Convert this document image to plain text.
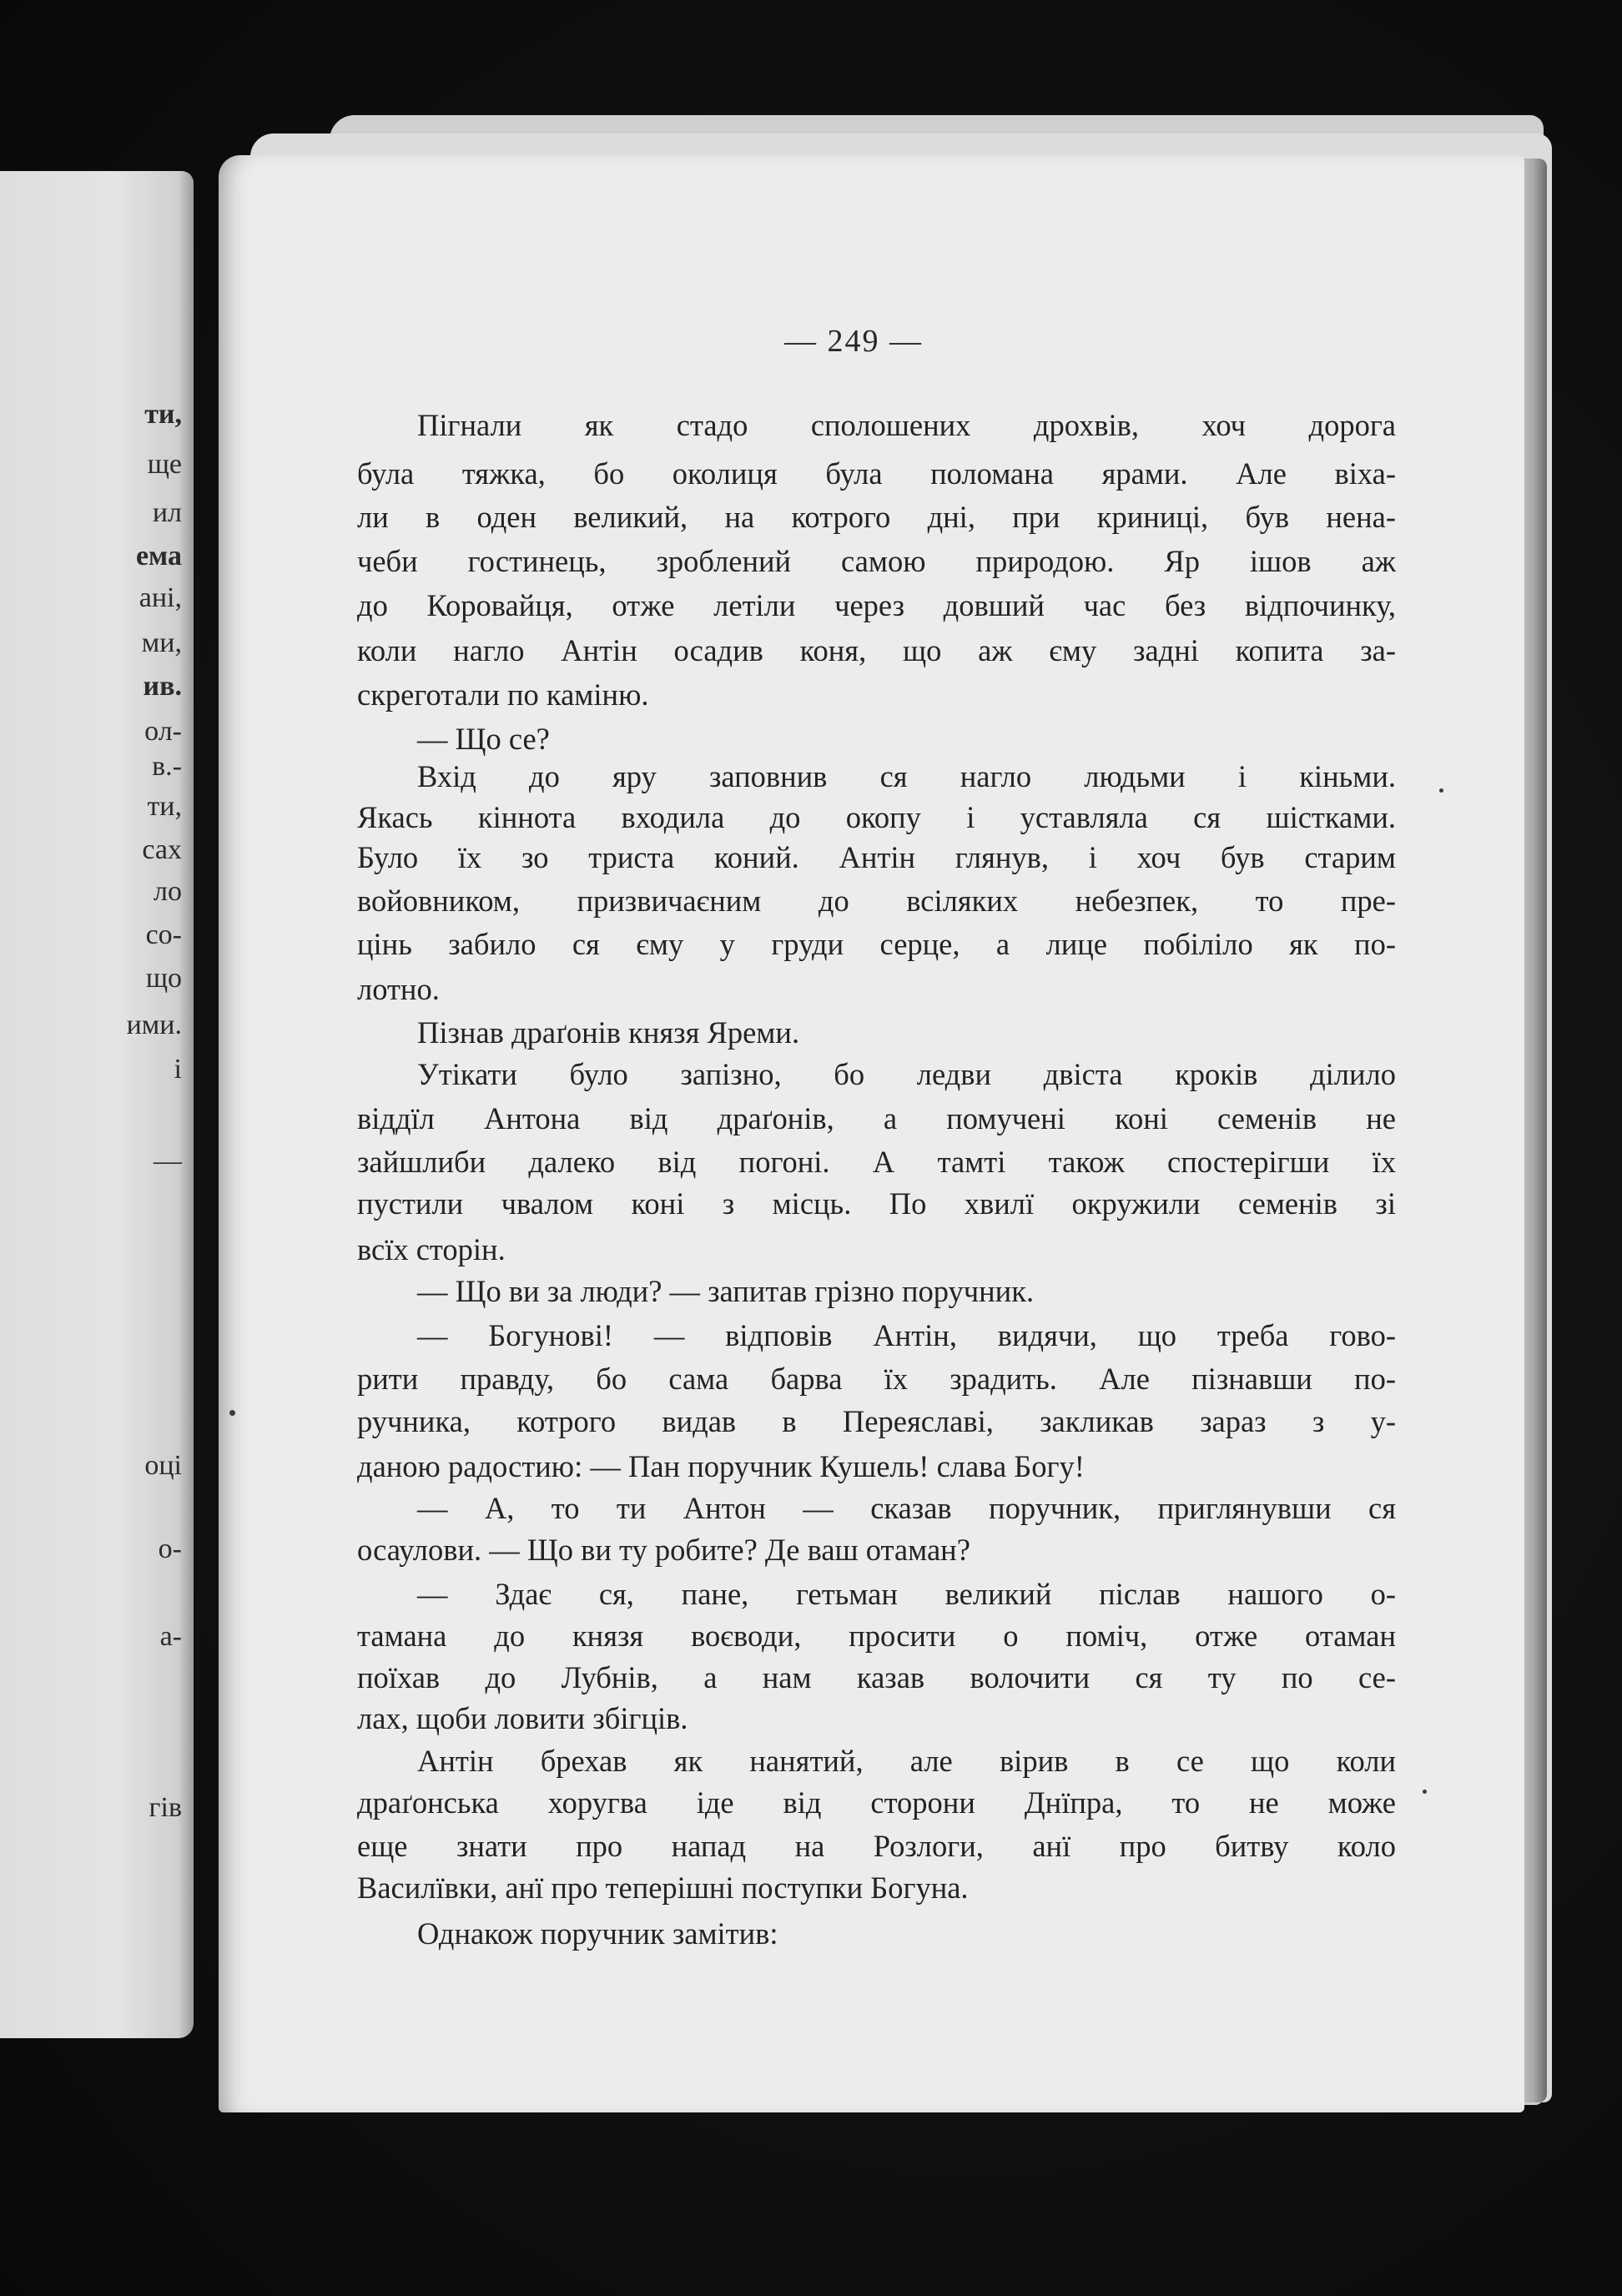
ти,
ще
ил
ема
ані,
ми,
ив.
ол-
в.-
ти,
сах
ло
со-
що
ими.
і
—
оці
о-
а-
гів
— 249 —
Пігнали як стадо сполошених дрохвів, хоч дорога
була тяжка, бо околиця була поломана ярами. Але віха-
ли в оден великий, на котрого дні, при криниці, був нена-
чеби гостинець, зроблений самою природою. Яр ішов аж
до Коровайця, отже летіли через довший час без відпочинку,
коли нагло Антін осадив коня, що аж єму задні копита за-
скреготали по каміню.
— Що се?
Вхід до яру заповнив ся нагло людьми і кіньми.
Якась кіннота входила до окопу і уставляла ся шістками.
Було їх зо триста коний. Антін глянув, і хоч був старим
войовником, призвичаєним до всіляких небезпек, то пре-
цінь забило ся єму у груди серце, а лице побіліло як по-
лотно.
Пізнав драґонів князя Яреми.
Утікати було запізно, бо ледви двіста кроків ділило
віддїл Антона від драґонів, а помучені коні семенів не
зайшлиби далеко від погоні. А тамті також спостерігши їх
пустили чвалом коні з місць. По хвилї окружили семенів зі
всїх сторін.
— Що ви за люди? — запитав грізно поручник.
— Богунові! — відповів Антін, видячи, що треба гово-
рити правду, бо сама барва їх зрадить. Але пізнавши по-
ручника, котрого видав в Переяславі, закликав зараз з у-
даною радостию: — Пан поручник Кушель! слава Богу!
— А, то ти Антон — сказав поручник, приглянувши ся
осаулови. — Що ви ту робите? Де ваш отаман?
— Здає ся, пане, гетьман великий післав нашого о-
тамана до князя воєводи, просити о поміч, отже отаман
поїхав до Лубнів, а нам казав волочити ся ту по се-
лах, щоби ловити збігців.
Антін брехав як нанятий, але вірив в се що коли
драґонська хоругва іде від сторони Днїпра, то не може
еще знати про напад на Розлоги, анї про битву коло
Василївки, анї про теперішні поступки Богуна.
Однакож поручник замітив:
